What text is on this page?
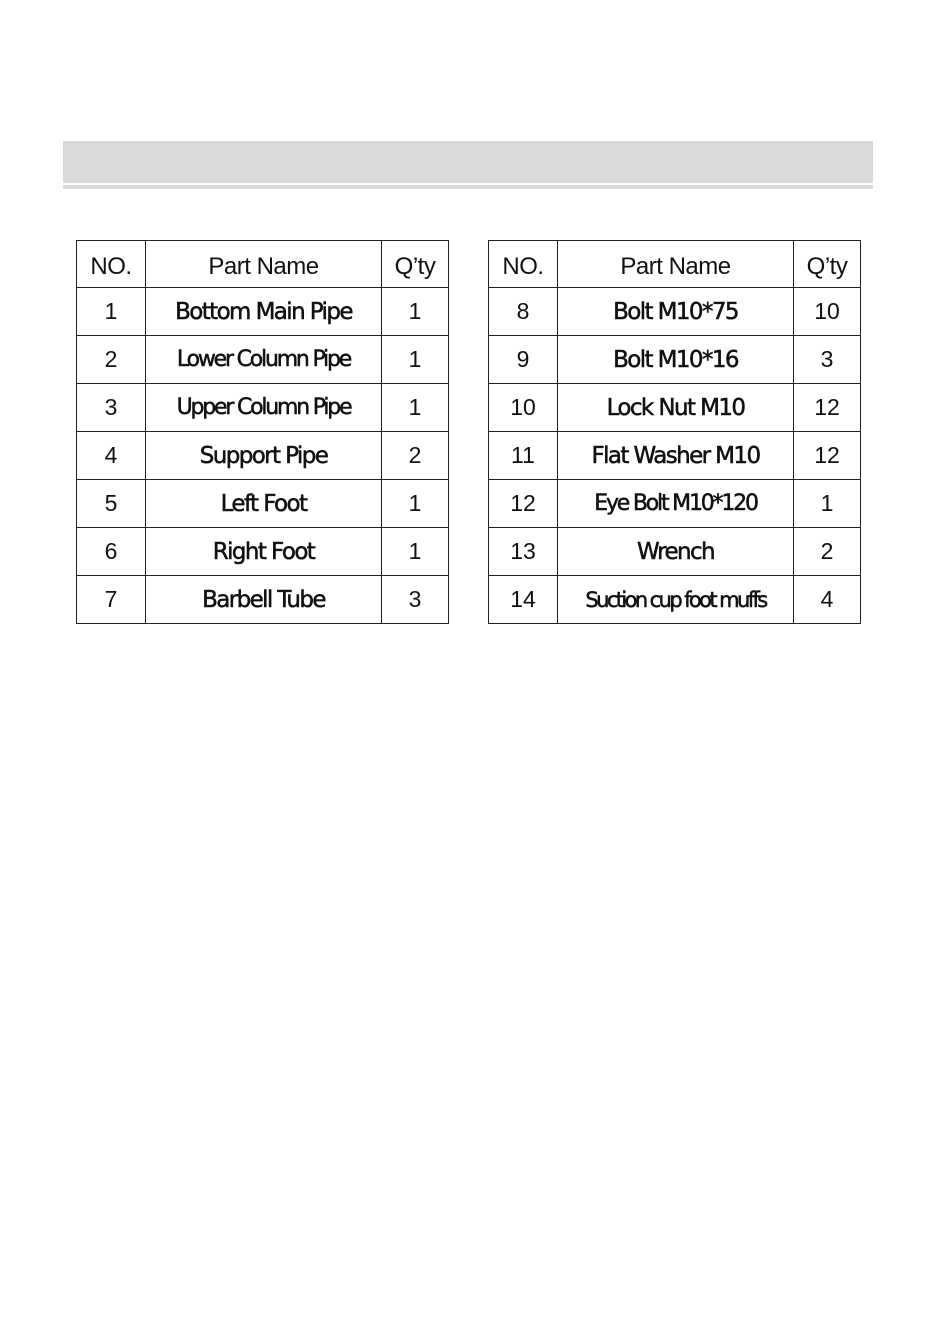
NO.	Part Name	Q’ty
1	Bottom Main Pipe	1
2	Lower Column Pipe	1
3	Upper Column Pipe	1
4	Support Pipe	2
5	Left Foot	1
6	Right Foot	1
7	Barbell Tube	3
NO.	Part Name	Q’ty
8	Bolt M10*75	10
9	Bolt M10*16	3
10	Lock Nut M10	12
11	Flat Washer M10	12
12	Eye Bolt M10*120	1
13	Wrench	2
14	Suction cup foot muffs	4
